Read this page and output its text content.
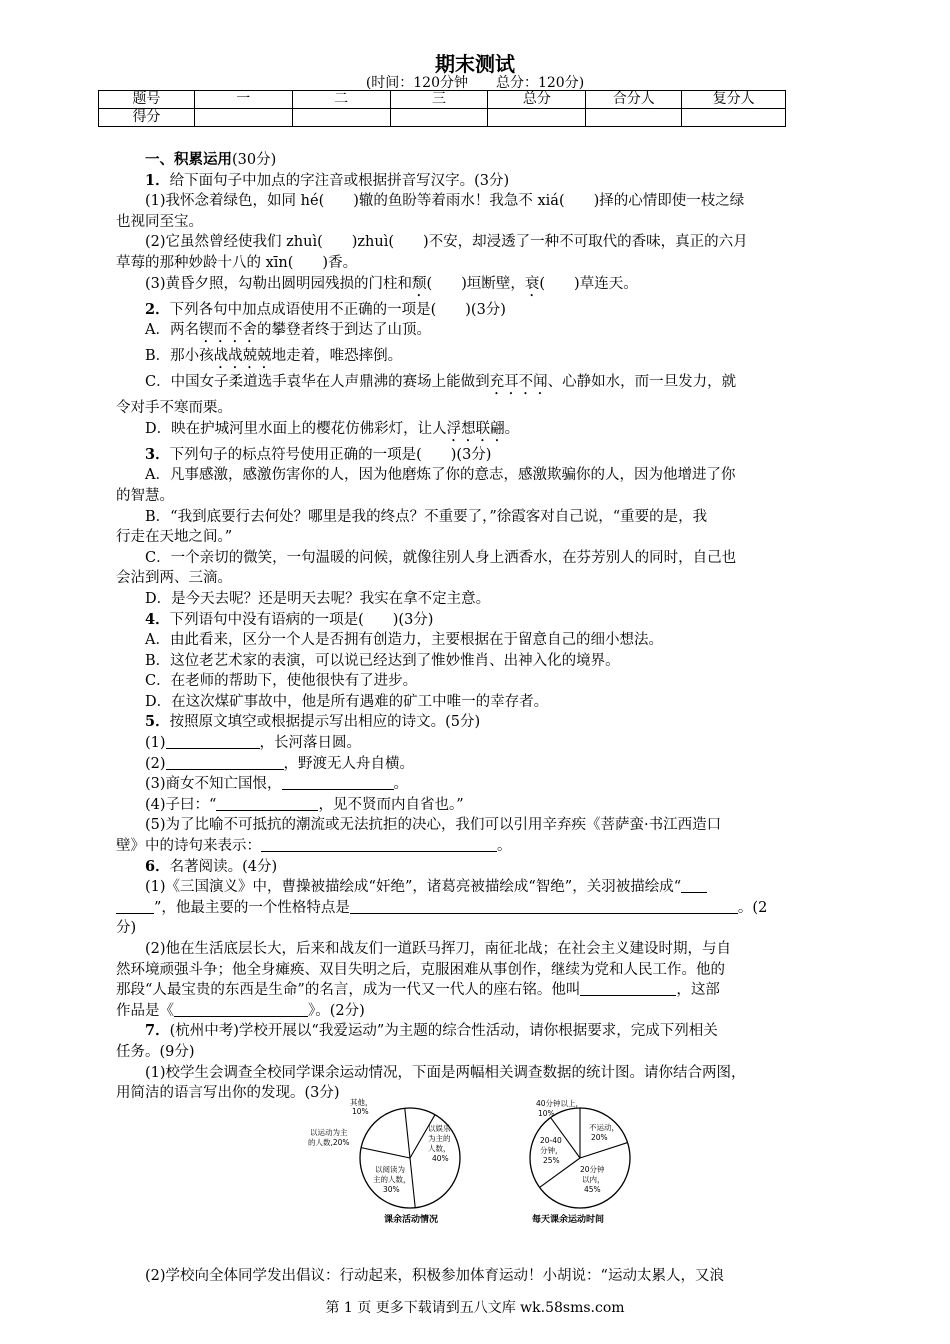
期末测试
(时间：120分钟　　总分：120分)
题号	一	二	三	总分	合分人	复分人
得分						

一、积累运用(30分)

1．给下面句子中加点的字注音或根据拼音写汉字。(3分)

(1)我怀念着绿色，如同 hé(　　)辙的鱼盼等着雨水！我急不 xiá(　　)择的心情即使一枝之绿

也视同至宝。

(2)它虽然曾经使我们 zhuì(　　)zhuì(　　)不安，却浸透了一种不可取代的香味，真正的六月

草莓的那种妙龄十八的 xīn(　　)香。

(3)黄昏夕照，勾勒出圆明园残损的门柱和颓(　　)垣断壁，衰(　　)草连天。

2．下列各句中加点成语使用不正确的一项是(　　)(3分)

A．两名锲而不舍的攀登者终于到达了山顶。

B．那小孩战战兢兢地走着，唯恐摔倒。

C．中国女子柔道选手袁华在人声鼎沸的赛场上能做到充耳不闻、心静如水，而一旦发力，就

令对手不寒而栗。

D．映在护城河里水面上的樱花仿佛彩灯，让人浮想联翩。

3．下列句子的标点符号使用正确的一项是(　　)(3分)

A．凡事感激，感激伤害你的人，因为他磨炼了你的意志，感激欺骗你的人，因为他增进了你

的智慧。

B．“我到底要行去何处？哪里是我的终点？不重要了，”徐霞客对自己说，“重要的是，我

行走在天地之间。”

C．一个亲切的微笑，一句温暖的问候，就像往别人身上洒香水，在芬芳别人的同时，自己也

会沾到两、三滴。

D．是今天去呢？还是明天去呢？我实在拿不定主意。

4．下列语句中没有语病的一项是(　　)(3分)

A．由此看来，区分一个人是否拥有创造力，主要根据在于留意自己的细小想法。

B．这位老艺术家的表演，可以说已经达到了惟妙惟肖、出神入化的境界。

C．在老师的帮助下，使他很快有了进步。

D．在这次煤矿事故中，他是所有遇难的矿工中唯一的幸存者。

5．按照原文填空或根据提示写出相应的诗文。(5分)

(1)	，长河落日圆。

(2)	，野渡无人舟自横。

(3)商女不知亡国恨，	。

(4)子曰：“	，见不贤而内自省也。”

(5)为了比喻不可抵抗的潮流或无法抗拒的决心，我们可以引用辛弃疾《菩萨蛮·书江西造口

壁》中的诗句来表示：	。

6．名著阅读。(4分)

(1)《三国演义》中，曹操被描绘成“奸绝”，诸葛亮被描绘成“智绝”，关羽被描绘成“

”，他最主要的一个性格特点是	。(2

分)

(2)他在生活底层长大，后来和战友们一道跃马挥刀，南征北战；在社会主义建设时期，与自

然环境顽强斗争；他全身瘫痪、双目失明之后，克服困难从事创作，继续为党和人民工作。他的

那段“人最宝贵的东西是生命”的名言，成为一代又一代人的座右铭。他叫	，这部

作品是《	》。(2分)

7．(杭州中考)学校开展以“我爱运动”为主题的综合性活动，请你根据要求，完成下列相关

任务。(9分)

(1)校学生会调查全校同学课余运动情况，下面是两幅相关调查数据的统计图。请你结合两图，

用简洁的语言写出你的发现。(3分)

其他，
10%
以娱乐
为主的
人数，
40%
以阅读为
主的人数，
30%
以运动为主
的人数,20%
课余活动情况
40分钟以上，
10%
不运动，
20%
20-40
分钟，
25%
20分钟
以内，
45%
每天课余运动时间
(2)学校向全体同学发出倡议：行动起来，积极参加体育运动！小胡说：“运动太累人，又浪
第 1 页 更多下载请到五八文库 wk.58sms.com
